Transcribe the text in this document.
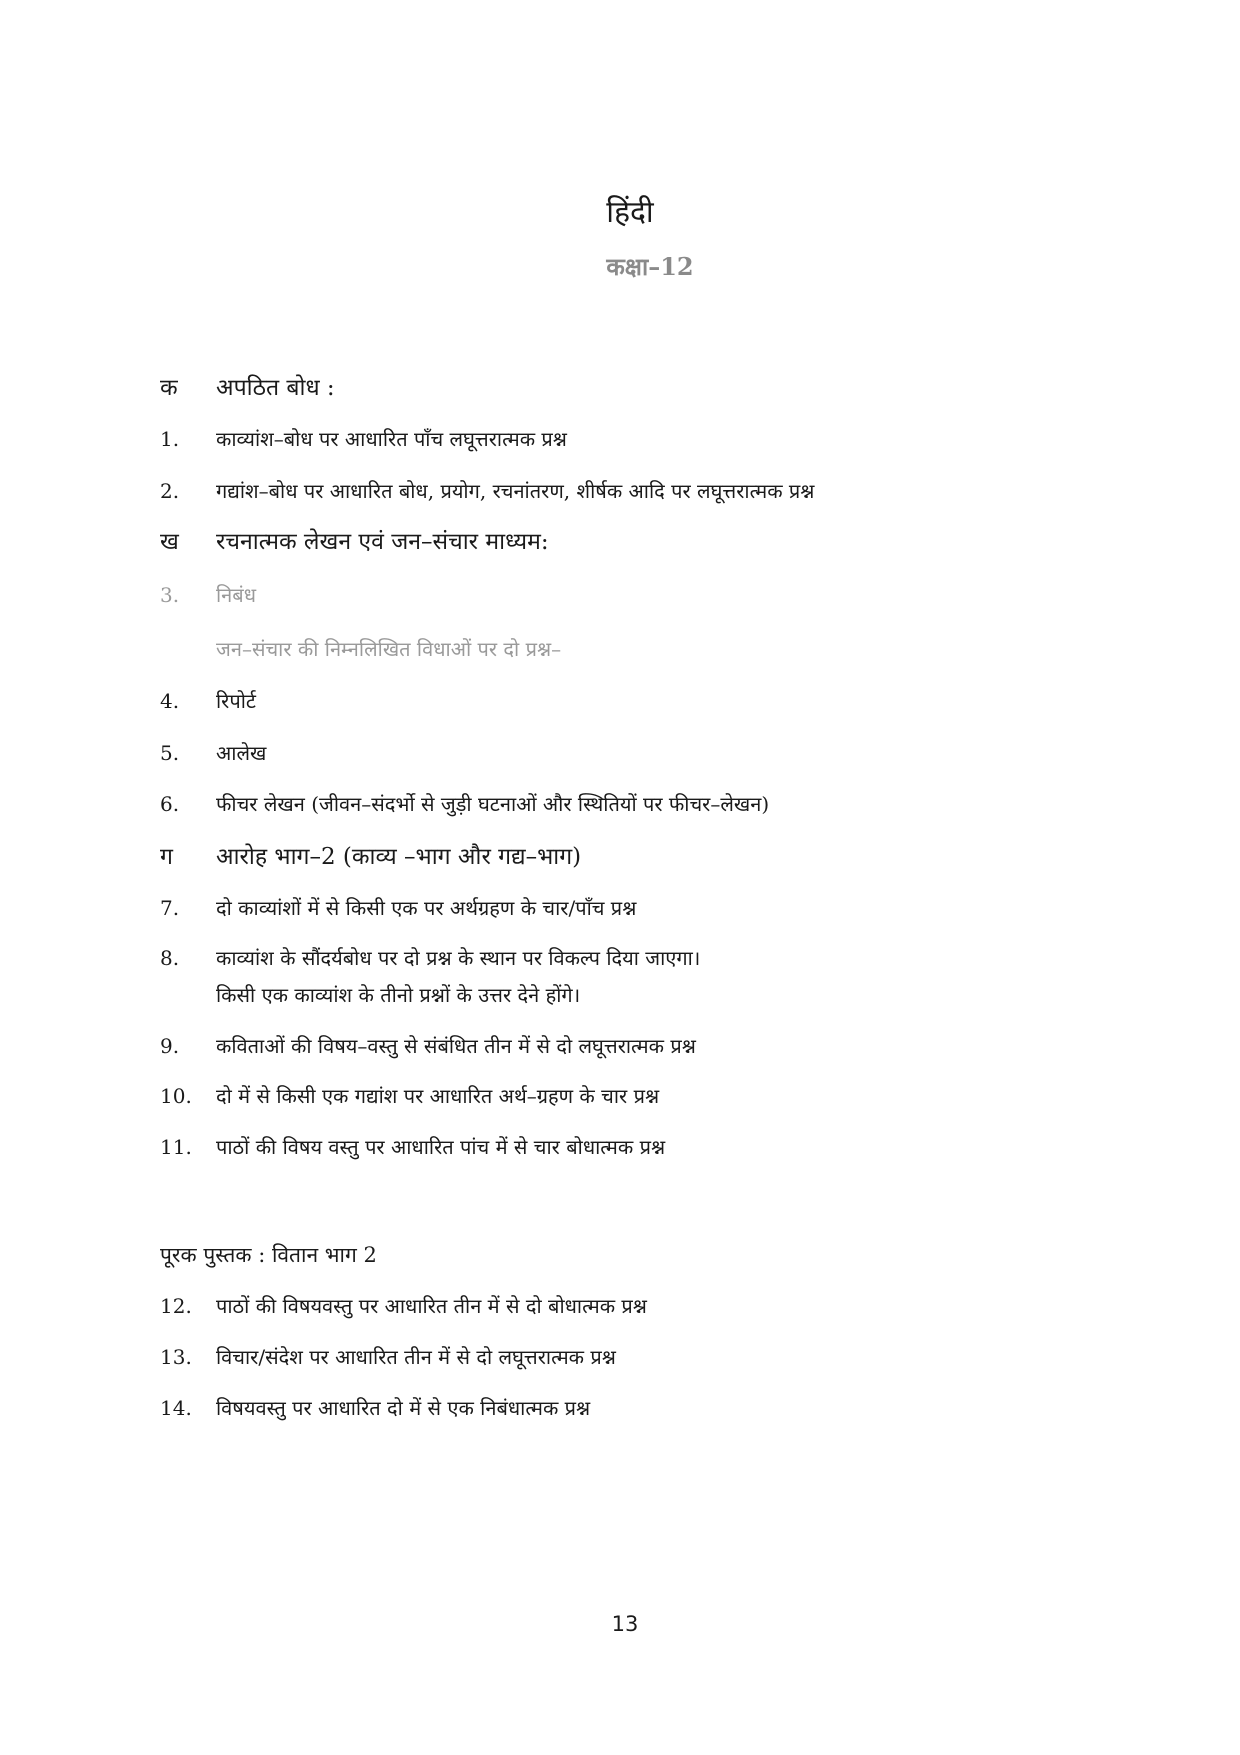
हिंदी
कक्षा–12
क	अपठित बोध :
1.	काव्यांश–बोध पर आधारित पाँच लघूत्तरात्मक प्रश्न
2.	गद्यांश–बोध पर आधारित बोध, प्रयोग, रचनांतरण, शीर्षक आदि पर लघूत्तरात्मक प्रश्न
ख	रचनात्मक लेखन एवं जन–संचार माध्यम:
3.	निबंध
जन–संचार की निम्नलिखित विधाओं पर दो प्रश्न–
4.	रिपोर्ट
5.	आलेख
6.	फीचर लेखन (जीवन–संदर्भो से जुड़ी घटनाओं और स्थितियों पर फीचर–लेखन)
ग	आरोह भाग–2 (काव्य –भाग और गद्य–भाग)
7.	दो काव्यांशों में से किसी एक पर अर्थग्रहण के चार/पाँच प्रश्न
8.	काव्यांश के सौंदर्यबोध पर दो प्रश्न के स्थान पर विकल्प दिया जाएगा।
किसी एक काव्यांश के तीनो प्रश्नों के उत्तर देने होंगे।
9.	कविताओं की विषय–वस्तु से संबंधित तीन में से दो लघूत्तरात्मक प्रश्न
10.	दो में से किसी एक गद्यांश पर आधारित अर्थ–ग्रहण के चार प्रश्न
11.	पाठों की विषय वस्तु पर आधारित पांच में से चार बोधात्मक प्रश्न
पूरक पुस्तक : वितान भाग 2
12.	पाठों की विषयवस्तु पर आधारित तीन में से दो बोधात्मक प्रश्न
13.	विचार/संदेश पर आधारित तीन में से दो लघूत्तरात्मक प्रश्न
14.	विषयवस्तु पर आधारित दो में से एक निबंधात्मक प्रश्न
13
